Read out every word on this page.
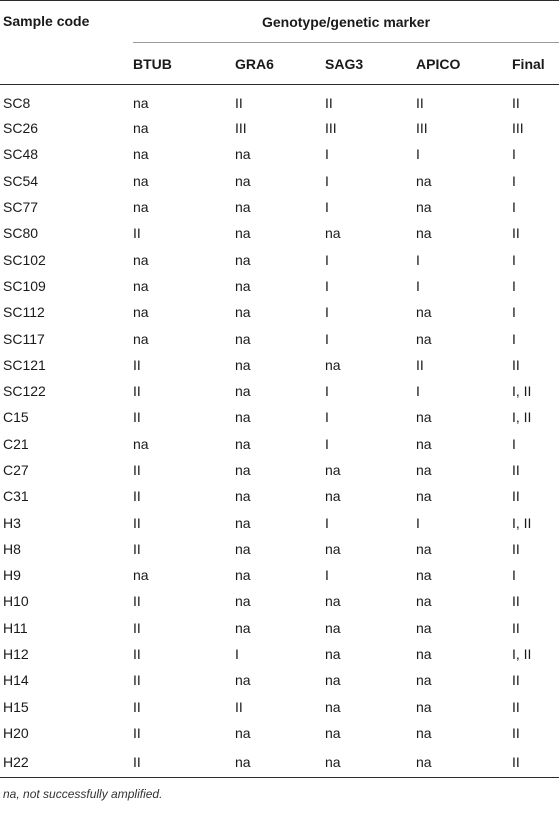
Sample code	Genotype/genetic marker				
	BTUB	GRA6	SAG3	APICO	Final
SC8	na	II	II	II	II
SC26	na	III	III	III	III
SC48	na	na	I	I	I
SC54	na	na	I	na	I
SC77	na	na	I	na	I
SC80	II	na	na	na	II
SC102	na	na	I	I	I
SC109	na	na	I	I	I
SC112	na	na	I	na	I
SC117	na	na	I	na	I
SC121	II	na	na	II	II
SC122	II	na	I	I	I, II
C15	II	na	I	na	I, II
C21	na	na	I	na	I
C27	II	na	na	na	II
C31	II	na	na	na	II
H3	II	na	I	I	I, II
H8	II	na	na	na	II
H9	na	na	I	na	I
H10	II	na	na	na	II
H11	II	na	na	na	II
H12	II	I	na	na	I, II
H14	II	na	na	na	II
H15	II	II	na	na	II
H20	II	na	na	na	II
H22	II	na	na	na	II
na, not successfully amplified.
